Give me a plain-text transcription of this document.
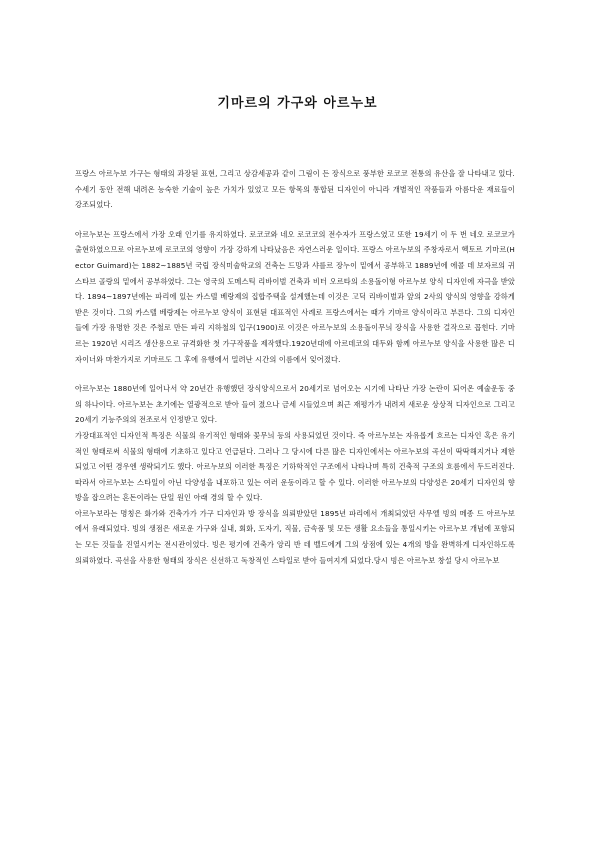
기마르의 가구와 아르누보

프랑스 아르누보 가구는 형태의 과장된 표현, 그리고 상감세공과 같이 그림이 든 장식으로 풍부한 로코코 전통의 유산을 잘 나타내고 있다. 수세기 동안 전해 내려온 능숙한 기술이 높은 가치가 있었고 모든 항목의 통합된 디자인이 아니라 개별적인 작품들과 아름다운 재료들이 강조되었다.

아르누보는 프랑스에서 가장 오래 인기를 유지하였다. 로코코와 네오 로코코의 전수자가 프랑스였고 또한 19세기 이 두 번 네오 로코코가 출현하였으므로 아르누보에 로코코의 영향이 가장 강하게 나타났음은 자연스러운 일이다. 프랑스 아르누보의 주창자로서 헥토르 기마르(Hector Guimard)는 1882~1885년 국립 장식미술학교의 건축는 드망과 샤를르 장누이 밑에서 공부하고 1889년에 에콜 데 보자르의 귀스타브 골랑의 밑에서 공부하였다. 그는 영국의 도메스틱 리바이벌 건축과 비터 오르타의 소용돌이형 아르누보 양식 디자인에 자극을 받았다. 1894~1897년에는 파리에 있는 카스텔 베랑제의 집합주택을 설계했는데 이것은 고딕 리바이벌과 앞의 2사의 양식의 영향을 강하게 받은 것이다. 그의 카스텔 베랑제는 아르누보 양식이 표현된 대표적인 사례로 프랑스에서는 때가 기마르 양식이라고 부른다. 그의 디자인들에 가장 유명한 것은 주철로 만든 파리 지하철의 입구(1900)로 이것은 아르누보의 소용돌이무늬 장식을 사용한 걸작으로 꼽힌다. 기마르는 1920년 시리즈 생산용으로 규격화한 첫 가구작품을 제작했다.1920년대에 아르데코의 대두와 함께 아르누보 양식을 사용한 많은 디자이너와 마찬가지로 기마르도 그 후에 유행에서 밀려난 시간의 이름에서 잊어졌다.

아르누보는 1880년에 일어나서 약 20년간 유행했던 장식양식으로서 20세기로 넘어오는 시기에 나타난 가장 논란이 되어온 예술운동 중의 하나이다. 아르누보는 초기에는 열광적으로 받아 들여 졌으나 금세 시들었으며 최근 재평가가 내려져 새로운 상상적 디자인으로 그리고 20세기 기능주의의 전조로서 인정받고 있다.

가장대표적인 디자인적 특징은 식물의 유기적인 형태와 꽃무늬 등의 사용되었던 것이다. 즉 아르누보는 자유롭게 흐르는 디자인 혹은 유기적인 형태로써 식물의 형태에 기초하고 있다고 언급된다. 그러나 그 당시에 다른 많은 디자인에서는 아르누보의 곡선이 딱딱해지거나 제한되었고 어떤 경우엔 생략되기도 했다. 아르누보의 이러한 특징은 기하학적인 구조에서 나타나며 특히 건축적 구조의 흐름에서 두드러진다. 따라서 아르누보는 스타일이 아닌 다양성을 내포하고 있는 여러 운동이라고 할 수 있다. 이러한 아르누보의 다양성은 20세기 디자인의 향방을 잡으려는 혼돈이라는 단일 원인 아래 경의 할 수 있다.

아르누보라는 명칭은 화가와 건축가가 가구 디자인과 방 장식을 의뢰받았던 1895년 파리에서 개최되었던 사무엘 빙의 메종 드 아르누보에서 유래되었다. 빙의 생점은 새로운 가구와 실내, 회화, 도자기, 직물, 금속품 및 모든 생활 요소들을 통일시키는 아르누보 개념에 포함되는 모든 것들을 진열시키는 전시관이었다. 빙은 평기에 건축가 앙리 반 데 벨드에게 그의 상점에 있는 4개의 방을 완벽하게 디자인하도록 의뢰하였다. 곡선을 사용한 형태의 장식은 신선하고 독창적인 스타일로 받아 들여지게 되었다.당시 빙은 아르누보 창설 당시 아르누보
